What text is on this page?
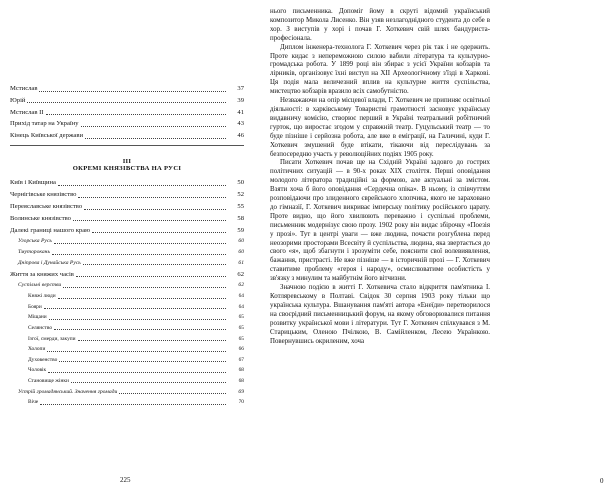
Мстислав	37
Юрій	39
Мстислав II	41
Прихід татар на Україну	43
Кінець Київської держави	46
III
ОКРЕМІ КНЯЗІВСТВА НА РУСІ
Київ і Київщина	50
Чернігівське князівство	52
Переяславське князівство	55
Волинське князівство	58
Далекі границі нашого краю	59
Угорська Русь	60
Тмуторокань	60
Дніпрова і Дунайська Русь	61
Життя за княжих часів	62
Суспільні верстви	62
Княжі люди	64
Бояри	64
Міщани	65
Селянство	65
Ізгої, смерди, закупи	65
Холопи	66
Духовенство	67
Чоловік	68
Становище жінки	68
Устрій громадянський. Значення громади	69
Віче	70
225

нього письменника. Допоміг йому в скруті відомий український композитор Микола Лисенко. Він узяв незлагоднідного студента до себе в хор. З виступів у хорі і почав Г. Хоткевич свій шлях бандуриста-професіонала.

Диплом інженера-технолога Г. Хоткевич через рік так і не одержить. Проте кидає з непереможною силою вабили література та культурно-громадська робота. У 1899 році він збирає з усієї України кобзарів та лірників, організовує їхні виступ на XII Археологічному з'їзді в Харкові. Ця подія мала величезний вплив на культурне життя суспільства, мистецтво кобзарів вразило всіх самобутністю.

Незважаючи на опір місцевої влади, Г. Хоткевич не припиняє освітньої діяльності: в харківському Товаристві грамотності засновує українську видавничу комісію, створює перший в Україні театральний робітничий гурток, що виростає згодом у справжній театр. Гуцульський театр — то буде пізніше і серйозна робота, але вже в еміграції, на Галичині, куди Г. Хоткевич змушений буде втікати, тікаючи від переслідувань за безпосередню участь у революційних подіях 1905 року.

Писати Хоткевич почав ще на Східній Україні задовго до гострих політичних ситуацій — в 90-х роках XIX століття. Перші оповідання молодого літератора традиційні за формою, але актуальні за змістом. Взяти хоча б його оповідання «Сердечна опіка». В ньому, із співчуттям розповідаючи про злиденного єврейського хлопчика, якого не зараховано до гімназії, Г. Хоткевич викриває імперську політику російського царату. Проте видно, що його хвилюють переважно і суспільні проблеми, письменник модернізує свою прозу. 1902 року він видає збірочку «Поезія у прозі». Тут в центрі уваги — вже людина, почасти розгублена перед неозорими просторами Всесвіту й суспільства, людина, яка звертається до свого «я», щоб збагнути і зрозуміти себе, пояснити свої волевиявлення, бажання, пристрасті. Не вже пізніше — в історичній прозі — Г. Хоткевич ставитиме проблему «героя і народу», осмислюватиме особистість у зв'язку з минулим та майбутнім його вітчизни.

Значною подією в житті Г. Хоткевича стало відкриття пам'ятника І. Котляревському в Полтаві. Свідок 30 серпня 1903 року тільки що українська культура. Вшанування пам'яті автора «Енеїди» перетворилося на своєрідний письменницький форум, на якому обговорювалися питання розвитку української мови і літератури. Тут Г. Хоткевич спілкувався з М. Старицьким, Оленою Пчілкою, В. Самійленком, Лесею Українкою. Повернувшись окриленим, хоча

0
